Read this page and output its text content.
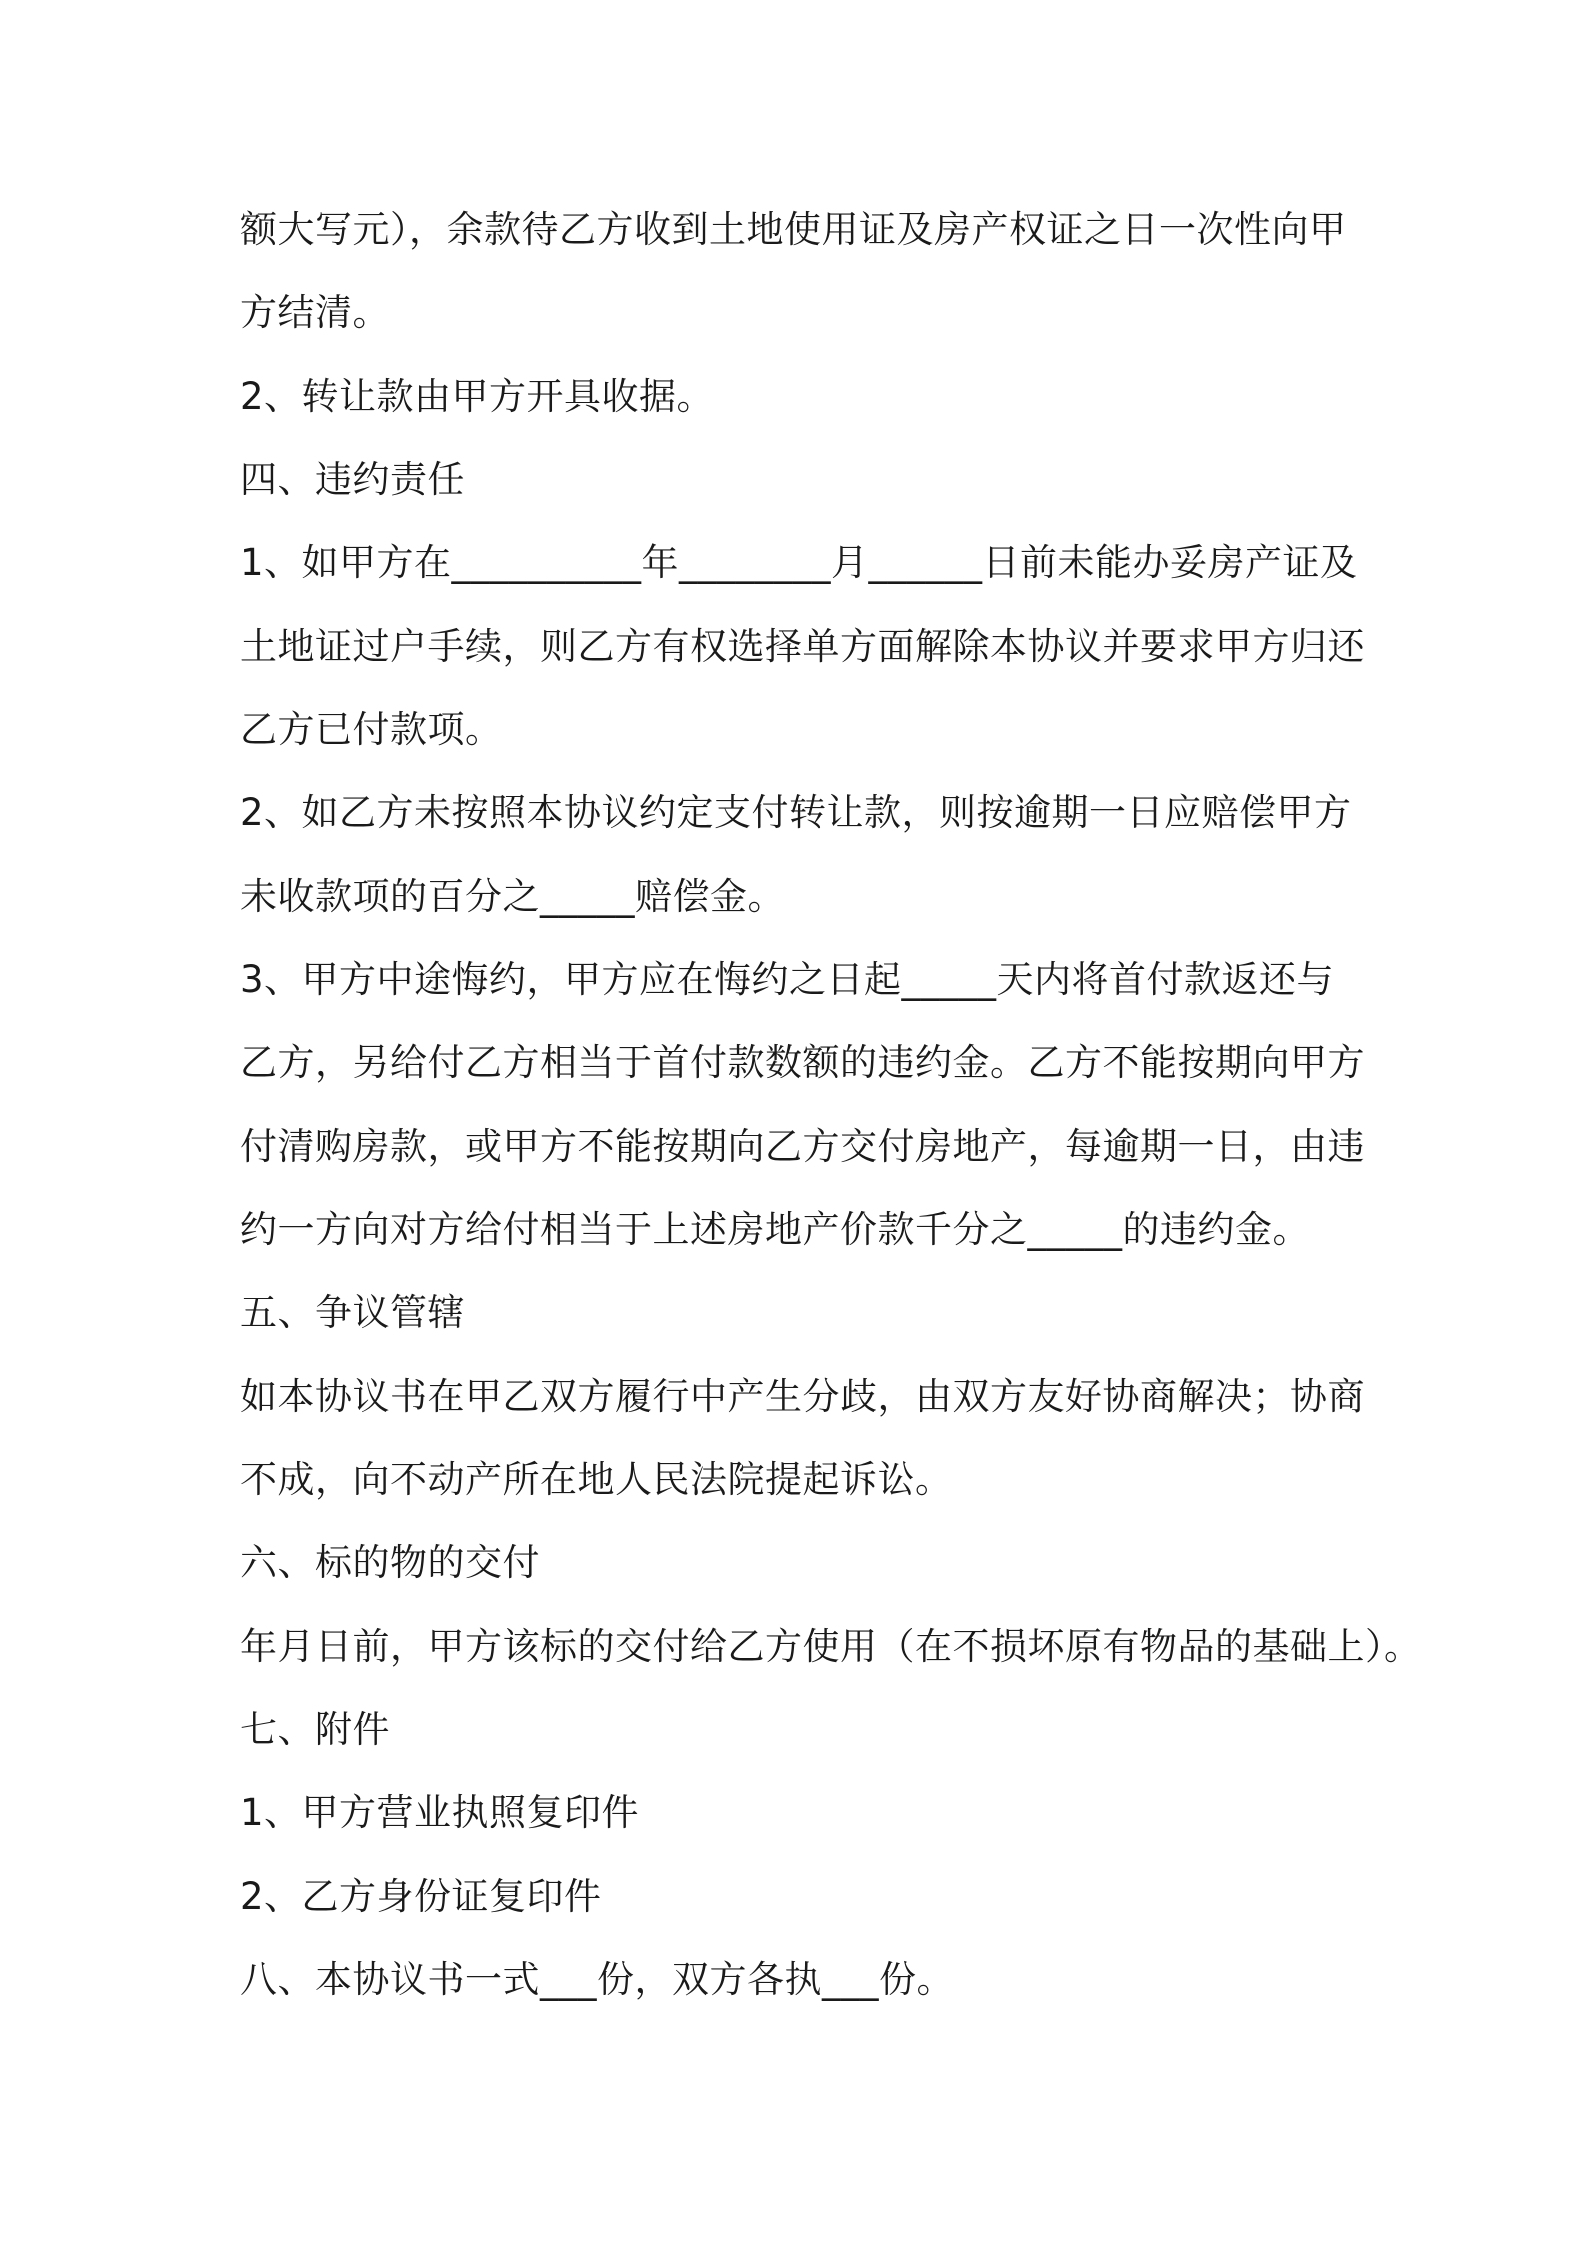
额大写元），余款待乙方收到土地使用证及房产权证之日一次性向甲
方结清。
2、转让款由甲方开具收据。
四、违约责任
1、如甲方在__________年________月______日前未能办妥房产证及
土地证过户手续，则乙方有权选择单方面解除本协议并要求甲方归还
乙方已付款项。
2、如乙方未按照本协议约定支付转让款，则按逾期一日应赔偿甲方
未收款项的百分之_____赔偿金。
3、甲方中途悔约，甲方应在悔约之日起_____天内将首付款返还与
乙方，另给付乙方相当于首付款数额的违约金。乙方不能按期向甲方
付清购房款，或甲方不能按期向乙方交付房地产，每逾期一日，由违
约一方向对方给付相当于上述房地产价款千分之_____的违约金。
五、争议管辖
如本协议书在甲乙双方履行中产生分歧，由双方友好协商解决；协商
不成，向不动产所在地人民法院提起诉讼。
六、标的物的交付
年月日前，甲方该标的交付给乙方使用（在不损坏原有物品的基础上）。
七、附件
1、甲方营业执照复印件
2、乙方身份证复印件
八、本协议书一式___份，双方各执___份。
